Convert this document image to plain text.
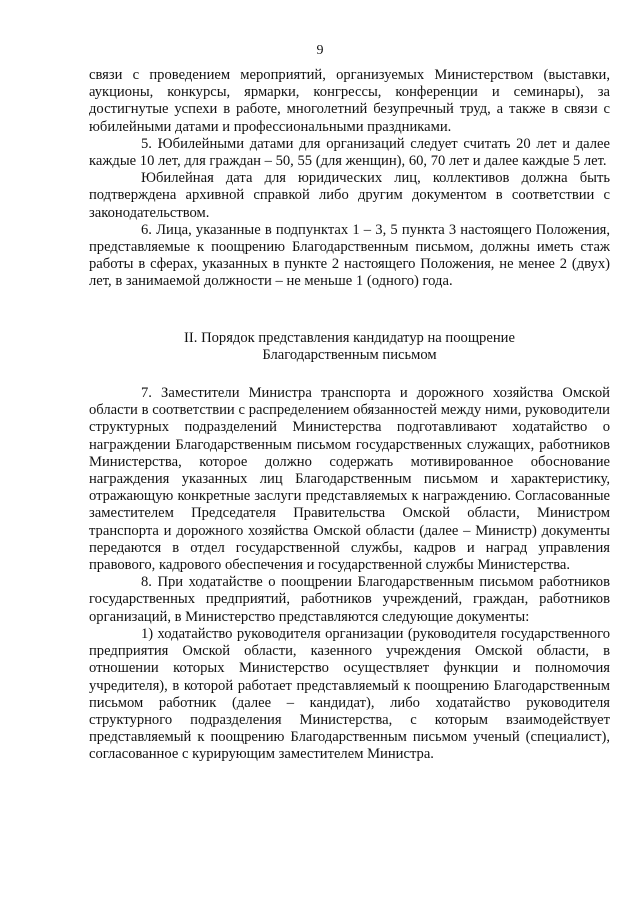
9

связи с проведением мероприятий, организуемых Министерством (выставки, аукционы, конкурсы, ярмарки, конгрессы, конференции и семинары), за достигнутые успехи в работе, многолетний безупречный труд, а также в связи с юбилейными датами и профессиональными праздниками.

5. Юбилейными датами для организаций следует считать 20 лет и далее каждые 10 лет, для граждан – 50, 55 (для женщин), 60, 70 лет и далее каждые 5 лет.

Юбилейная дата для юридических лиц, коллективов должна быть подтверждена архивной справкой либо другим документом в соответствии с законодательством.

6. Лица, указанные в подпунктах 1 – 3, 5 пункта 3 настоящего Положения, представляемые к поощрению Благодарственным письмом, должны иметь стаж работы в сферах, указанных в пункте 2 настоящего Положения, не менее 2 (двух) лет, в занимаемой должности – не меньше 1 (одного) года.

II. Порядок представления кандидатур на поощрение
Благодарственным письмом

7. Заместители Министра транспорта и дорожного хозяйства Омской области в соответствии с распределением обязанностей между ними, руководители структурных подразделений Министерства подготавливают ходатайство о награждении Благодарственным письмом государственных служащих, работников Министерства, которое должно содержать мотивированное обоснование награждения указанных лиц Благодарственным письмом и характеристику, отражающую конкретные заслуги представляемых к награждению. Согласованные заместителем Председателя Правительства Омской области, Министром транспорта и дорожного хозяйства Омской области (далее – Министр) документы передаются в отдел государственной службы, кадров и наград управления правового, кадрового обеспечения и государственной службы Министерства.

8. При ходатайстве о поощрении Благодарственным письмом работников государственных предприятий, работников учреждений, граждан, работников организаций, в Министерство представляются следующие документы:

1) ходатайство руководителя организации (руководителя государственного предприятия Омской области, казенного учреждения Омской области, в отношении которых Министерство осуществляет функции и полномочия учредителя), в которой работает представляемый к поощрению Благодарственным письмом работник (далее – кандидат), либо ходатайство руководителя структурного подразделения Министерства, с которым взаимодействует представляемый к поощрению Благодарственным письмом ученый (специалист), согласованное с курирующим заместителем Министра.
